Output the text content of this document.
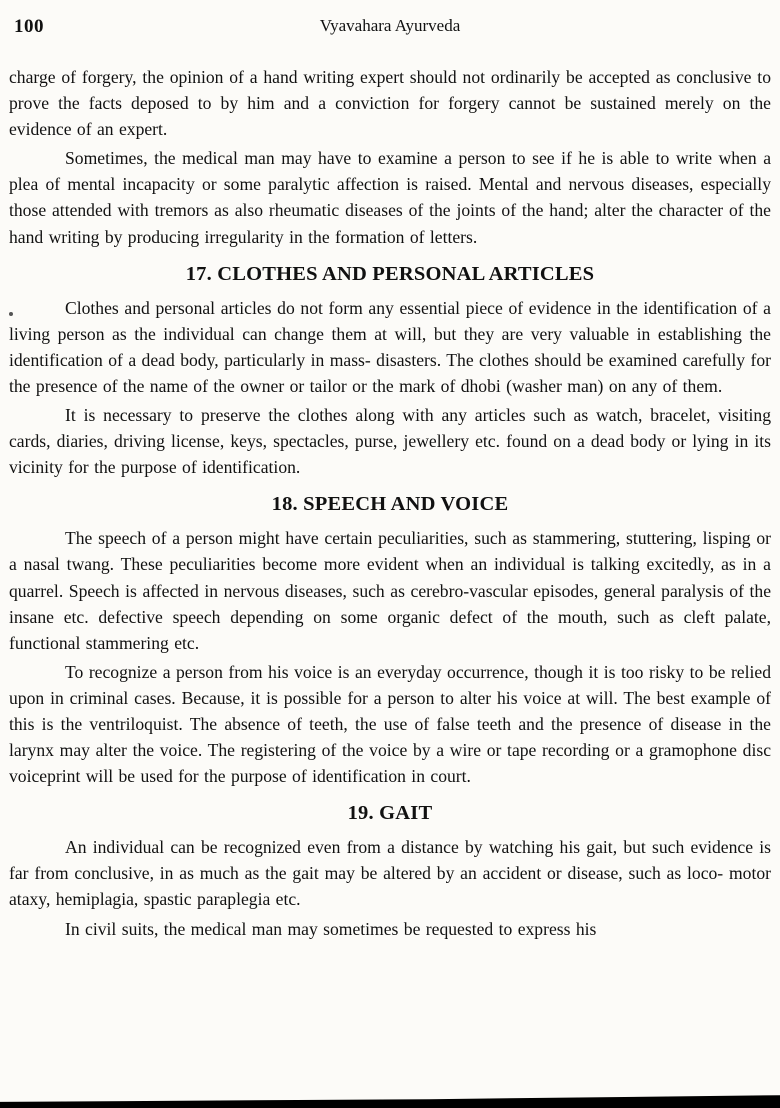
100	Vyavahara Ayurveda

charge of forgery, the opinion of a hand writing expert should not ordinarily be accepted as conclusive to prove the facts deposed to by him and a conviction for forgery cannot be sustained merely on the evidence of an expert.

Sometimes, the medical man may have to examine a person to see if he is able to write when a plea of mental incapacity or some paralytic affection is raised. Mental and nervous diseases, especially those attended with tremors as also rheumatic diseases of the joints of the hand; alter the character of the hand writing by producing irregularity in the formation of letters.

17. CLOTHES AND PERSONAL ARTICLES

Clothes and personal articles do not form any essential piece of evidence in the identification of a living person as the individual can change them at will, but they are very valuable in establishing the identification of a dead body, particularly in mass- disasters. The clothes should be examined carefully for the presence of the name of the owner or tailor or the mark of dhobi (washer man) on any of them.

It is necessary to preserve the clothes along with any articles such as watch, bracelet, visiting cards, diaries, driving license, keys, spectacles, purse, jewellery etc. found on a dead body or lying in its vicinity for the purpose of identification.

18. SPEECH AND VOICE

The speech of a person might have certain peculiarities, such as stammering, stuttering, lisping or a nasal twang. These peculiarities become more evident when an individual is talking excitedly, as in a quarrel. Speech is affected in nervous diseases, such as cerebro-vascular episodes, general paralysis of the insane etc. defective speech depending on some organic defect of the mouth, such as cleft palate, functional stammering etc.

To recognize a person from his voice is an everyday occurrence, though it is too risky to be relied upon in criminal cases. Because, it is possible for a person to alter his voice at will. The best example of this is the ventriloquist. The absence of teeth, the use of false teeth and the presence of disease in the larynx may alter the voice. The registering of the voice by a wire or tape recording or a gramophone disc voiceprint will be used for the purpose of identification in court.

19. GAIT

An individual can be recognized even from a distance by watching his gait, but such evidence is far from conclusive, in as much as the gait may be altered by an accident or disease, such as loco- motor ataxy, hemiplagia, spastic paraplegia etc.

In civil suits, the medical man may sometimes be requested to express his
